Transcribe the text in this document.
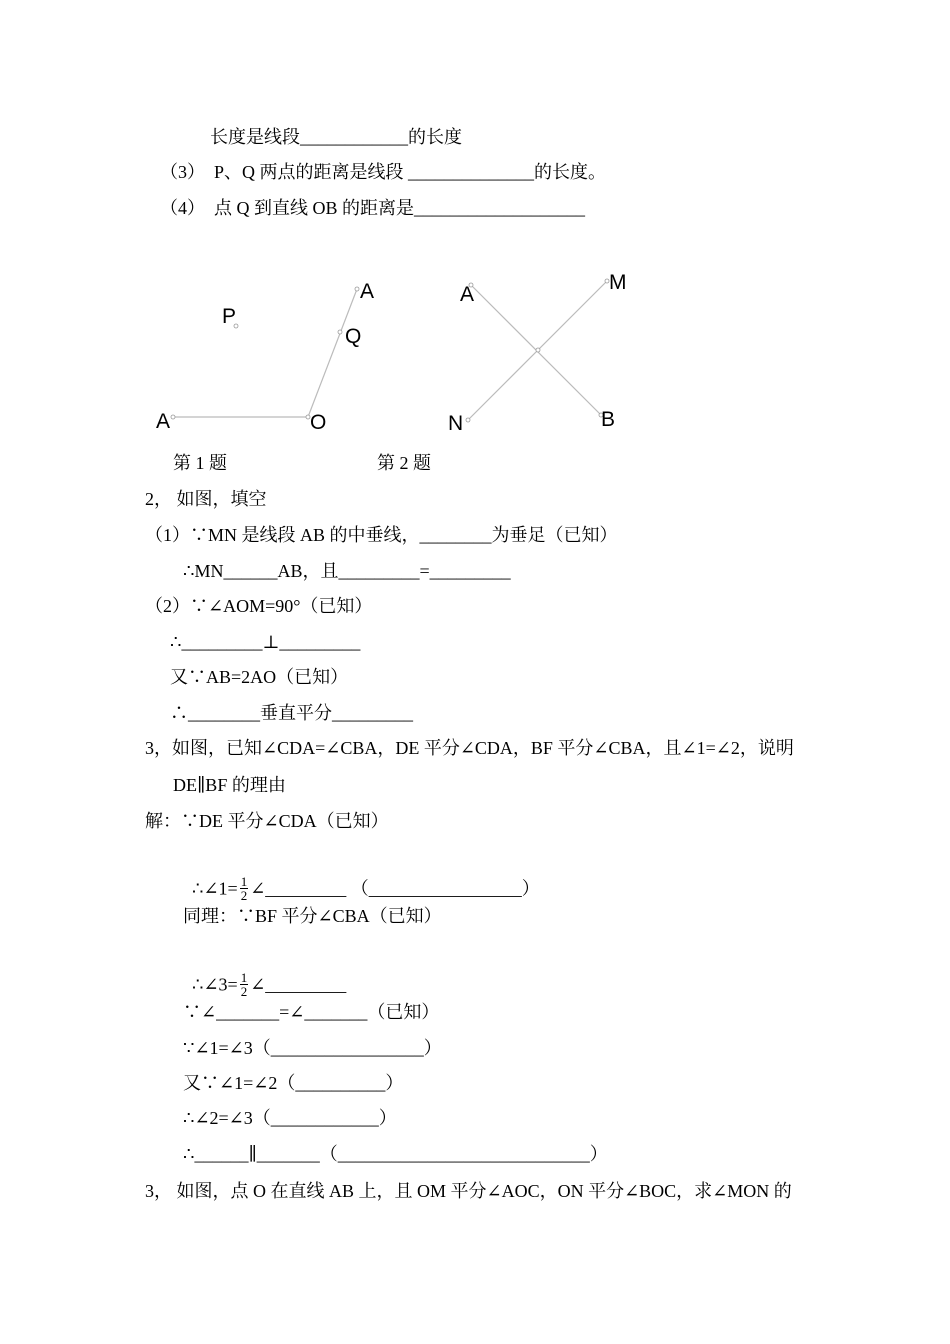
长度是线段____________的长度
（3）  P、Q 两点的距离是线段 ______________的长度。
（4）  点 Q 到直线 OB 的距离是___________________
P
A
Q
A	O
A
M
N	B
第 1 题	第 2 题
2， 如图，填空
（1）∵MN 是线段 AB 的中垂线，________为垂足（已知）
∴MN______AB，且_________=_________
（2）∵∠AOM=90°（已知）
∴_________⊥_________
又∵AB=2AO（已知）
∴________垂直平分_________
3，如图，已知∠CDA=∠CBA，DE 平分∠CDA，BF 平分∠CBA，且∠1=∠2，说明
DE∥BF 的理由
解：∵DE 平分∠CDA（已知）

∴∠1= $\frac{1}{2}$ ∠_________ （_________________）

同理：∵BF 平分∠CBA（已知）

∴∠3= $\frac{1}{2}$ ∠_________

∵∠_______=∠_______（已知）
∵∠1=∠3（_________________）
又∵∠1=∠2（__________）
∴∠2=∠3（____________）
∴______∥_______（____________________________）
3， 如图，点 O 在直线 AB 上，且 OM 平分∠AOC，ON 平分∠BOC，求∠MON 的
